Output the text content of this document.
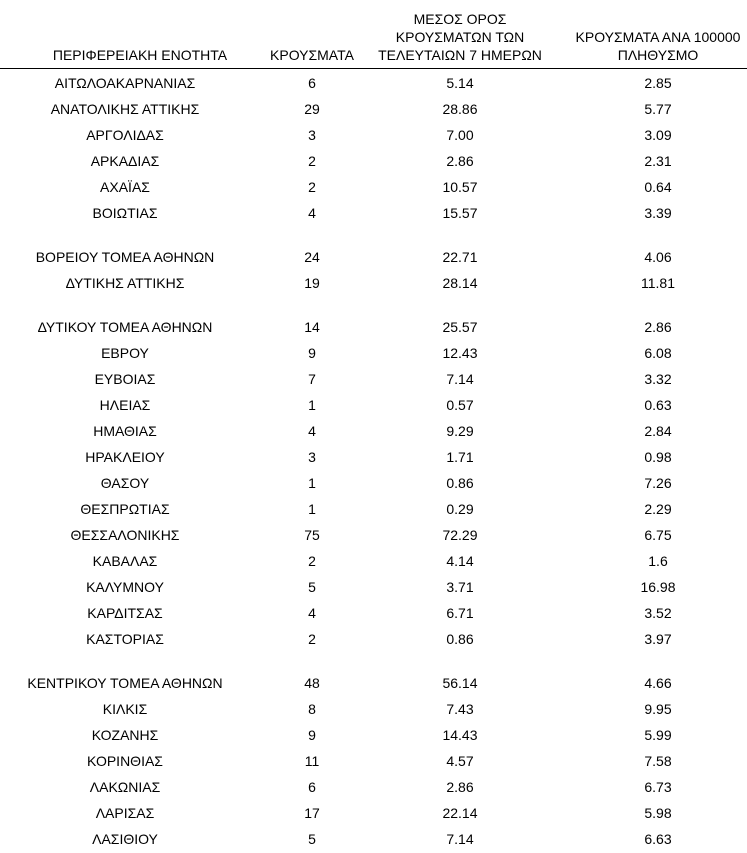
ΠΕΡΙΦΕΡΕΙΑΚΗ ΕΝΟΤΗΤΑ	ΚΡΟΥΣΜΑΤΑ
ΜΕΣΟΣ ΟΡΟΣ
ΚΡΟΥΣΜΑΤΩΝ ΤΩΝ
ΤΕΛΕΥΤΑΙΩΝ 7 ΗΜΕΡΩΝ
ΚΡΟΥΣΜΑΤΑ ΑΝΑ 100000
ΠΛΗΘΥΣΜΟ
ΑΙΤΩΛΟΑΚΑΡΝΑΝΙΑΣ	6	5.14	2.85
ΑΝΑΤΟΛΙΚΗΣ ΑΤΤΙΚΗΣ	29	28.86	5.77
ΑΡΓΟΛΙΔΑΣ	3	7.00	3.09
ΑΡΚΑΔΙΑΣ	2	2.86	2.31
ΑΧΑΪΑΣ	2	10.57	0.64
ΒΟΙΩΤΙΑΣ	4	15.57	3.39
ΒΟΡΕΙΟΥ ΤΟΜΕΑ ΑΘΗΝΩΝ	24	22.71	4.06
ΔΥΤΙΚΗΣ ΑΤΤΙΚΗΣ	19	28.14	11.81
ΔΥΤΙΚΟΥ ΤΟΜΕΑ ΑΘΗΝΩΝ	14	25.57	2.86
ΕΒΡΟΥ	9	12.43	6.08
ΕΥΒΟΙΑΣ	7	7.14	3.32
ΗΛΕΙΑΣ	1	0.57	0.63
ΗΜΑΘΙΑΣ	4	9.29	2.84
ΗΡΑΚΛΕΙΟΥ	3	1.71	0.98
ΘΑΣΟΥ	1	0.86	7.26
ΘΕΣΠΡΩΤΙΑΣ	1	0.29	2.29
ΘΕΣΣΑΛΟΝΙΚΗΣ	75	72.29	6.75
ΚΑΒΑΛΑΣ	2	4.14	1.6
ΚΑΛΥΜΝΟΥ	5	3.71	16.98
ΚΑΡΔΙΤΣΑΣ	4	6.71	3.52
ΚΑΣΤΟΡΙΑΣ	2	0.86	3.97
ΚΕΝΤΡΙΚΟΥ ΤΟΜΕΑ ΑΘΗΝΩΝ	48	56.14	4.66
ΚΙΛΚΙΣ	8	7.43	9.95
ΚΟΖΑΝΗΣ	9	14.43	5.99
ΚΟΡΙΝΘΙΑΣ	11	4.57	7.58
ΛΑΚΩΝΙΑΣ	6	2.86	6.73
ΛΑΡΙΣΑΣ	17	22.14	5.98
ΛΑΣΙΘΙΟΥ	5	7.14	6.63
